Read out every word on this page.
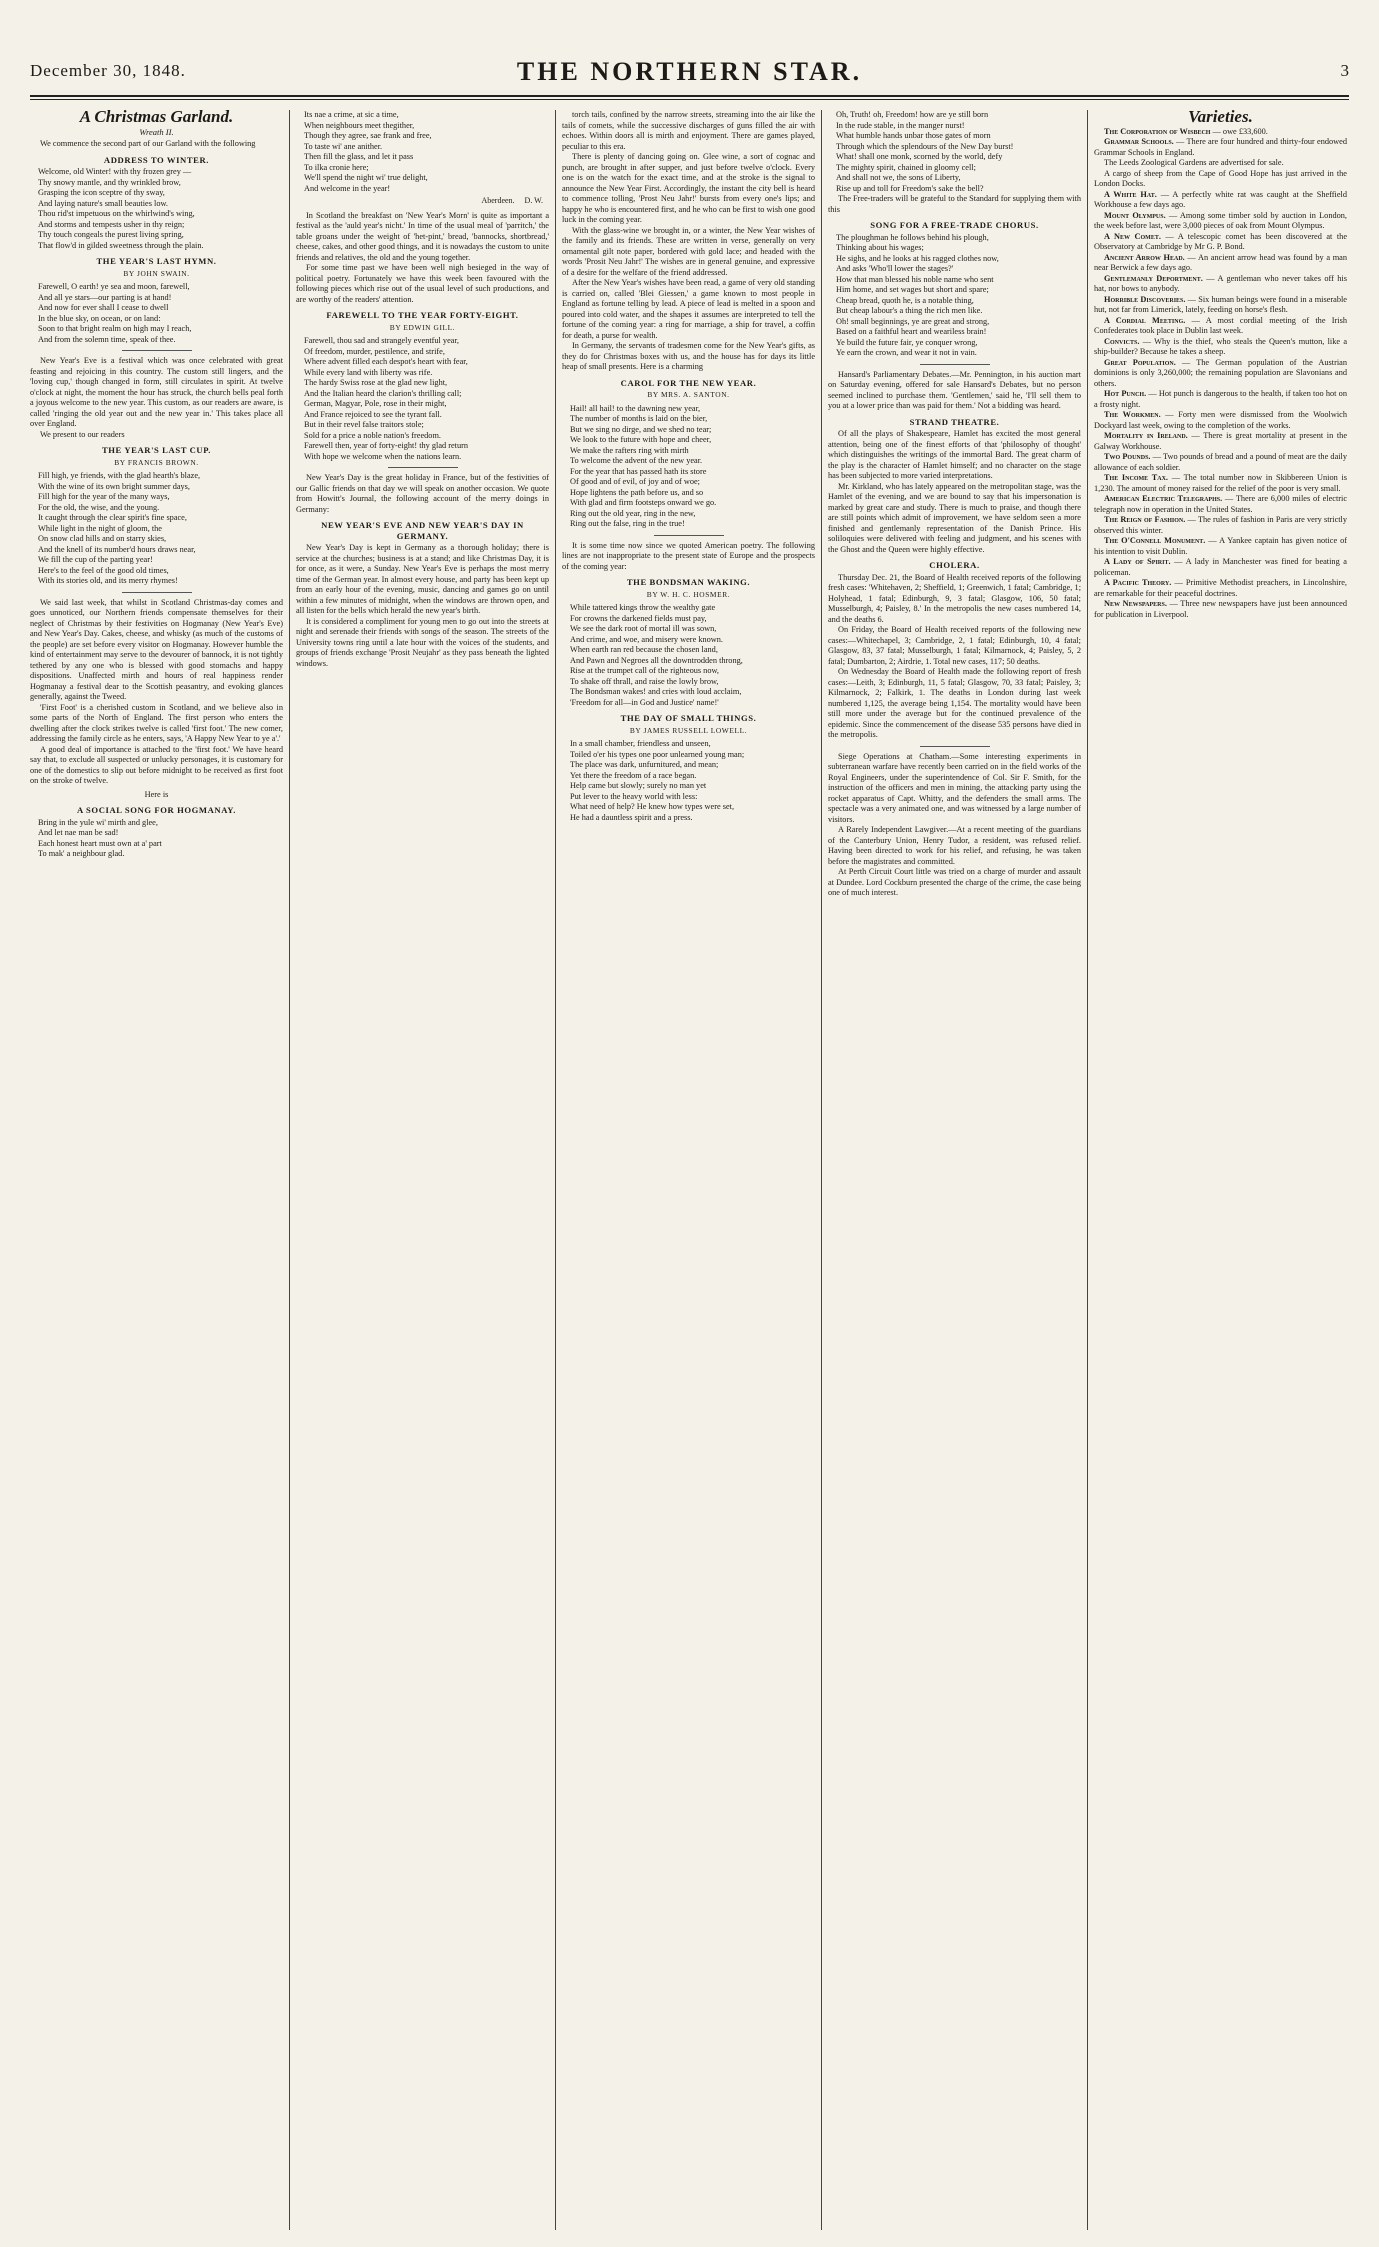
December 30, 1848.	THE NORTHERN STAR.	3
A Christmas Garland.
Wreath II.
We commence the second part of our Garland with the following
ADDRESS TO WINTER.
Welcome, old Winter! with thy frozen grey —
Thy snowy mantle, and thy wrinkled brow,
Grasping the icon sceptre of thy sway,
And laying nature's small beauties low.
Thou rid'st impetuous on the whirlwind's wing,
And storms and tempests usher in thy reign;
Thy touch congeals the purest living spring,
That flow'd in gilded sweetness through the plain.
THE YEAR'S LAST HYMN.
BY JOHN SWAIN.
Farewell, O earth! ye sea and moon, farewell,
And all ye stars—our parting is at hand!
And now for ever shall I cease to dwell
In the blue sky, on ocean, or on land:
Soon to that bright realm on high may I reach,
And from the solemn time, speak of thee.
New Year's Eve is a festival which was once celebrated with great feasting and rejoicing in this country. The custom still lingers, and the 'loving cup,' though changed in form, still circulates in spirit. At twelve o'clock at night, the moment the hour has struck, the church bells peal forth a joyous welcome to the new year. This custom, as our readers are aware, is called 'ringing the old year out and the new year in.' This takes place all over England.
We present to our readers
THE YEAR'S LAST CUP.
BY FRANCIS BROWN.
Fill high, ye friends, with the glad hearth's blaze,
With the wine of its own bright summer days,
Fill high for the year of the many ways,
For the old, the wise, and the young.
It caught through the clear spirit's fine space,
While light in the night of gloom, the
On snow clad hills and on starry skies,
And the knell of its number'd hours draws near,
We fill the cup of the parting year!
Here's to the feel of the good old times,
With its stories old, and its merry rhymes!
We said last week, that whilst in Scotland Christmas-day comes and goes unnoticed, our Northern friends compensate themselves for their neglect of Christmas by their festivities on Hogmanay (New Year's Eve) and New Year's Day. Cakes, cheese, and whisky (as much of the customs of the people) are set before every visitor on Hogmanay. However humble the kind of entertainment may serve to the devourer of bannock, it is not tightly tethered by any one who is blessed with good stomachs and happy dispositions. Unaffected mirth and hours of real happiness render Hogmanay a festival dear to the Scottish peasantry, and evoking glances generally, against the Tweed.
'First Foot' is a cherished custom in Scotland, and we believe also in some parts of the North of England. The first person who enters the dwelling after the clock strikes twelve is called 'first foot.' The new comer, addressing the family circle as he enters, says, 'A Happy New Year to ye a'.'
A good deal of importance is attached to the 'first foot.' We have heard say that, to exclude all suspected or unlucky personages, it is customary for one of the domestics to slip out before midnight to be received as first foot on the stroke of twelve.
Here is
A SOCIAL SONG FOR HOGMANAY.
Bring in the yule wi' mirth and glee,
And let nae man be sad!
Each honest heart must own at a' part
To mak' a neighbour glad.
Its nae a crime, at sic a time,
When neighbours meet thegither,
Though they agree, sae frank and free,
To taste wi' ane anither.
Then fill the glass, and let it pass
To ilka cronie here;
We'll spend the night wi' true delight,
And welcome in the year!
Aberdeen. D. W.
In Scotland the breakfast on 'New Year's Morn' is quite as important a festival as the 'auld year's nicht.' In time of the usual meal of 'parritch,' the table groans under the weight of 'het-pint,' bread, 'bannocks, shortbread,' cheese, cakes, and other good things, and it is nowadays the custom to unite friends and relatives, the old and the young together.
For some time past we have been well nigh besieged in the way of political poetry. Fortunately we have this week been favoured with the following pieces which rise out of the usual level of such productions, and are worthy of the readers' attention.
FAREWELL TO THE YEAR FORTY-EIGHT.
BY EDWIN GILL.
Farewell, thou sad and strangely eventful year,
Of freedom, murder, pestilence, and strife,
Where advent filled each despot's heart with fear,
While every land with liberty was rife.
The hardy Swiss rose at the glad new light,
And the Italian heard the clarion's thrilling call;
German, Magyar, Pole, rose in their might,
And France rejoiced to see the tyrant fall.
But in their revel false traitors stole;
Sold for a price a noble nation's freedom.
Farewell then, year of forty-eight! thy glad return
With hope we welcome when the nations learn.
New Year's Day is the great holiday in France, but of the festivities of our Gallic friends on that day we will speak on another occasion. We quote from Howitt's Journal, the following account of the merry doings in Germany:
NEW YEAR'S EVE AND NEW YEAR'S DAY IN GERMANY.
New Year's Day is kept in Germany as a thorough holiday; there is service at the churches; business is at a stand; and like Christmas Day, it is for once, as it were, a Sunday. New Year's Eve is perhaps the most merry time of the German year. In almost every house, and party has been kept up from an early hour of the evening, music, dancing and games go on until within a few minutes of midnight, when the windows are thrown open, and all listen for the bells which herald the new year's birth.
It is considered a compliment for young men to go out into the streets at night and serenade their friends with songs of the season. The streets of the University towns ring until a late hour with the voices of the students, and groups of friends exchange 'Prosit Neujahr' as they pass beneath the lighted windows.
torch tails, confined by the narrow streets, streaming into the air like the tails of comets, while the successive discharges of guns filled the air with echoes. Within doors all is mirth and enjoyment. There are games played, peculiar to this era.
There is plenty of dancing going on. Glee wine, a sort of cognac and punch, are brought in after supper, and just before twelve o'clock. Every one is on the watch for the exact time, and at the stroke is the signal to announce the New Year First. Accordingly, the instant the city bell is heard to commence tolling, 'Prost Neu Jahr!' bursts from every one's lips; and happy he who is encountered first, and he who can be first to wish one good luck in the coming year.
With the glass-wine we brought in, or a winter, the New Year wishes of the family and its friends. These are written in verse, generally on very ornamental gilt note paper, bordered with gold lace; and headed with the words 'Prosit Neu Jahr!' The wishes are in general genuine, and expressive of a desire for the welfare of the friend addressed.
After the New Year's wishes have been read, a game of very old standing is carried on, called 'Blei Giessen,' a game known to most people in England as fortune telling by lead. A piece of lead is melted in a spoon and poured into cold water, and the shapes it assumes are interpreted to tell the fortune of the coming year: a ring for marriage, a ship for travel, a coffin for death, a purse for wealth.
In Germany, the servants of tradesmen come for the New Year's gifts, as they do for Christmas boxes with us, and the house has for days its little heap of small presents. Here is a charming
CAROL FOR THE NEW YEAR.
BY MRS. A. SANTON.
Hail! all hail! to the dawning new year,
The number of months is laid on the bier,
But we sing no dirge, and we shed no tear;
We look to the future with hope and cheer,
We make the rafters ring with mirth
To welcome the advent of the new year.
For the year that has passed hath its store
Of good and of evil, of joy and of woe;
Hope lightens the path before us, and so
With glad and firm footsteps onward we go.
Ring out the old year, ring in the new,
Ring out the false, ring in the true!
It is some time now since we quoted American poetry. The following lines are not inappropriate to the present state of Europe and the prospects of the coming year:
THE BONDSMAN WAKING.
BY W. H. C. HOSMER.
While tattered kings throw the wealthy gate
For crowns the darkened fields must pay,
We see the dark root of mortal ill was sown,
And crime, and woe, and misery were known.
When earth ran red because the chosen land,
And Pawn and Negroes all the downtrodden throng,
Rise at the trumpet call of the righteous now,
To shake off thrall, and raise the lowly brow,
The Bondsman wakes! and cries with loud acclaim,
'Freedom for all—in God and Justice' name!'
THE DAY OF SMALL THINGS.
BY JAMES RUSSELL LOWELL.
In a small chamber, friendless and unseen,
Toiled o'er his types one poor unlearned young man;
The place was dark, unfurnitured, and mean;
Yet there the freedom of a race began.
Help came but slowly; surely no man yet
Put lever to the heavy world with less:
What need of help? He knew how types were set,
He had a dauntless spirit and a press.
Oh, Truth! oh, Freedom! how are ye still born
In the rude stable, in the manger nurst!
What humble hands unbar those gates of morn
Through which the splendours of the New Day burst!
What! shall one monk, scorned by the world, defy
The mighty spirit, chained in gloomy cell;
And shall not we, the sons of Liberty,
Rise up and toll for Freedom's sake the bell?
The Free-traders will be grateful to the Standard for supplying them with this
SONG FOR A FREE-TRADE CHORUS.
The ploughman he follows behind his plough,
Thinking about his wages;
He sighs, and he looks at his ragged clothes now,
And asks 'Who'll lower the stages?'
How that man blessed his noble name who sent
Him home, and set wages but short and spare;
Cheap bread, quoth he, is a notable thing,
But cheap labour's a thing the rich men like.
Oh! small beginnings, ye are great and strong,
Based on a faithful heart and weariless brain!
Ye build the future fair, ye conquer wrong,
Ye earn the crown, and wear it not in vain.
Hansard's Parliamentary Debates.—Mr. Pennington, in his auction mart on Saturday evening, offered for sale Hansard's Debates, but no person seemed inclined to purchase them. 'Gentlemen,' said he, 'I'll sell them to you at a lower price than was paid for them.' Not a bidding was heard.
STRAND THEATRE.
Of all the plays of Shakespeare, Hamlet has excited the most general attention, being one of the finest efforts of that 'philosophy of thought' which distinguishes the writings of the immortal Bard. The great charm of the play is the character of Hamlet himself; and no character on the stage has been subjected to more varied interpretations.
Mr. Kirkland, who has lately appeared on the metropolitan stage, was the Hamlet of the evening, and we are bound to say that his impersonation is marked by great care and study. There is much to praise, and though there are still points which admit of improvement, we have seldom seen a more finished and gentlemanly representation of the Danish Prince. His soliloquies were delivered with feeling and judgment, and his scenes with the Ghost and the Queen were highly effective.
CHOLERA.
Thursday Dec. 21, the Board of Health received reports of the following fresh cases: 'Whitehaven, 2; Sheffield, 1; Greenwich, 1 fatal; Cambridge, 1; Holyhead, 1 fatal; Edinburgh, 9, 3 fatal; Glasgow, 106, 50 fatal; Musselburgh, 4; Paisley, 8.' In the metropolis the new cases numbered 14, and the deaths 6.
On Friday, the Board of Health received reports of the following new cases:—Whitechapel, 3; Cambridge, 2, 1 fatal; Edinburgh, 10, 4 fatal; Glasgow, 83, 37 fatal; Musselburgh, 1 fatal; Kilmarnock, 4; Paisley, 5, 2 fatal; Dumbarton, 2; Airdrie, 1. Total new cases, 117; 50 deaths.
On Wednesday the Board of Health made the following report of fresh cases:—Leith, 3; Edinburgh, 11, 5 fatal; Glasgow, 70, 33 fatal; Paisley, 3; Kilmarnock, 2; Falkirk, 1. The deaths in London during last week numbered 1,125, the average being 1,154. The mortality would have been still more under the average but for the continued prevalence of the epidemic. Since the commencement of the disease 535 persons have died in the metropolis.
Siege Operations at Chatham.—Some interesting experiments in subterranean warfare have recently been carried on in the field works of the Royal Engineers, under the superintendence of Col. Sir F. Smith, for the instruction of the officers and men in mining, the attacking party using the rocket apparatus of Capt. Whitty, and the defenders the small arms. The spectacle was a very animated one, and was witnessed by a large number of visitors.
A Rarely Independent Lawgiver.—At a recent meeting of the guardians of the Canterbury Union, Henry Tudor, a resident, was refused relief. Having been directed to work for his relief, and refusing, he was taken before the magistrates and committed.
At Perth Circuit Court little was tried on a charge of murder and assault at Dundee. Lord Cockburn presented the charge of the crime, the case being one of much interest.
Varieties.
The Corporation of Wisbech — owe £33,600.
Grammar Schools. — There are four hundred and thirty-four endowed Grammar Schools in England.
The Leeds Zoological Gardens are advertised for sale.
A cargo of sheep from the Cape of Good Hope has just arrived in the London Docks.
A White Hat. — A perfectly white rat was caught at the Sheffield Workhouse a few days ago.
Mount Olympus. — Among some timber sold by auction in London, the week before last, were 3,000 pieces of oak from Mount Olympus.
A New Comet. — A telescopic comet has been discovered at the Observatory at Cambridge by Mr G. P. Bond.
Ancient Arrow Head. — An ancient arrow head was found by a man near Berwick a few days ago.
Gentlemanly Deportment. — A gentleman who never takes off his hat, nor bows to anybody.
Horrible Discoveries. — Six human beings were found in a miserable hut, not far from Limerick, lately, feeding on horse's flesh.
A Cordial Meeting. — A most cordial meeting of the Irish Confederates took place in Dublin last week.
Convicts. — Why is the thief, who steals the Queen's mutton, like a ship-builder? Because he takes a sheep.
Great Population. — The German population of the Austrian dominions is only 3,260,000; the remaining population are Slavonians and others.
Hot Punch. — Hot punch is dangerous to the health, if taken too hot on a frosty night.
The Workmen. — Forty men were dismissed from the Woolwich Dockyard last week, owing to the completion of the works.
Mortality in Ireland. — There is great mortality at present in the Galway Workhouse.
Two Pounds. — Two pounds of bread and a pound of meat are the daily allowance of each soldier.
The Income Tax. — The total number now in Skibbereen Union is 1,230. The amount of money raised for the relief of the poor is very small.
American Electric Telegraphs. — There are 6,000 miles of electric telegraph now in operation in the United States.
The Reign of Fashion. — The rules of fashion in Paris are very strictly observed this winter.
The O'Connell Monument. — A Yankee captain has given notice of his intention to visit Dublin.
A Lady of Spirit. — A lady in Manchester was fined for beating a policeman.
A Pacific Theory. — Primitive Methodist preachers, in Lincolnshire, are remarkable for their peaceful doctrines.
New Newspapers. — Three new newspapers have just been announced for publication in Liverpool.
